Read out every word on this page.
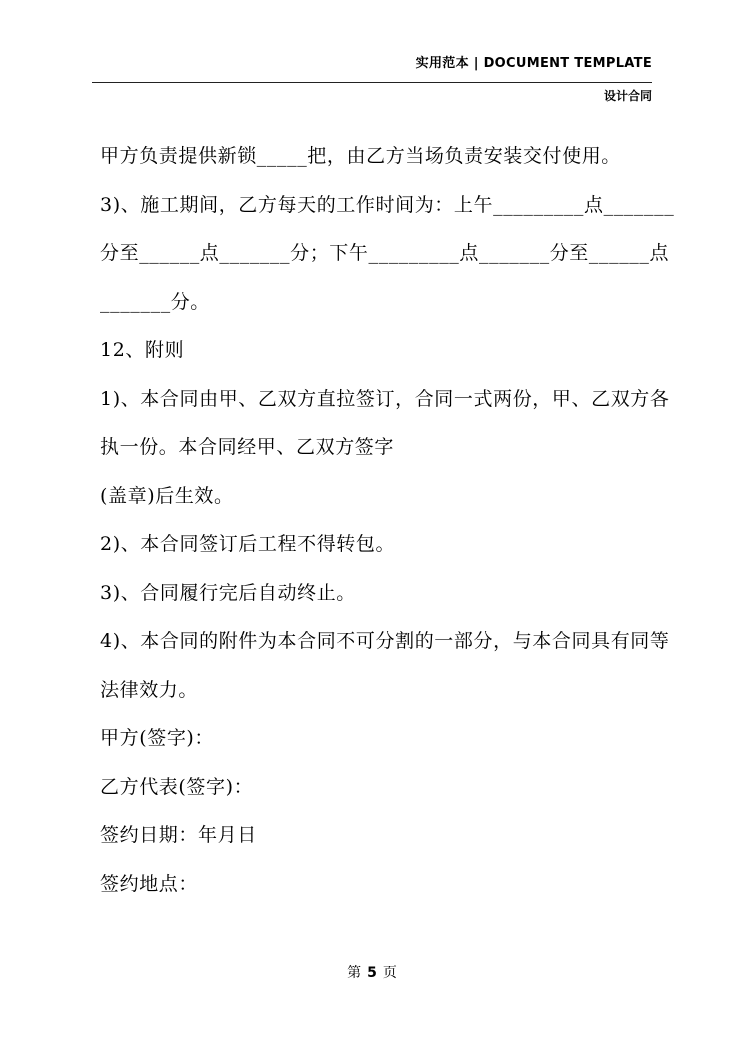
实用范本 | DOCUMENT TEMPLATE
设计合同
甲方负责提供新锁_____把，由乙方当场负责安装交付使用。
3)、施工期间，乙方每天的工作时间为：上午_________点_______
分至______点_______分；下午_________点_______分至______点
_______分。
12、附则
1)、本合同由甲、乙双方直拉签订，合同一式两份，甲、乙双方各
执一份。本合同经甲、乙双方签字
(盖章)后生效。
2)、本合同签订后工程不得转包。
3)、合同履行完后自动终止。
4)、本合同的附件为本合同不可分割的一部分，与本合同具有同等
法律效力。
甲方(签字)：
乙方代表(签字)：
签约日期：年月日
签约地点：
第 5 页
